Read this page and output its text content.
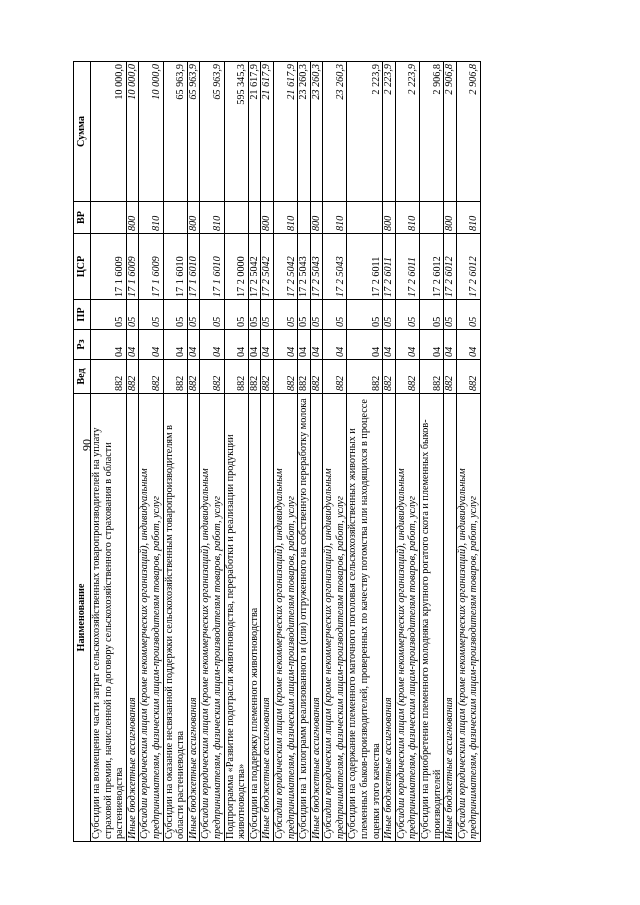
90
Наименование	Вед	Рз	ПР	ЦСР	ВР	Сумма
Субсидии на возмещение части затрат сельскохозяйственных товаропроизводителей на уплату страховой премии, начисленной по договору сельскохозяйственного страхования в области растениеводства	882	04	05	17 1 6009		10 000,0
Иные бюджетные ассигнования	882	04	05	17 1 6009	800	10 000,0
Субсидии юридическим лицам (кроме некоммерческих организаций), индивидуальным предпринимателям, физическим лицам-производителям товаров, работ, услуг	882	04	05	17 1 6009	810	10 000,0
Субсидии на оказание несвязанной поддержки сельскохозяйственным товаропроизводителям в области растениеводства	882	04	05	17 1 6010		65 963,9
Иные бюджетные ассигнования	882	04	05	17 1 6010	800	65 963,9
Субсидии юридическим лицам (кроме некоммерческих организаций), индивидуальным предпринимателям, физическим лицам-производителям товаров, работ, услуг	882	04	05	17 1 6010	810	65 963,9
Подпрограмма «Развитие подотрасли животноводства, переработки и реализации продукции животноводства»	882	04	05	17 2 0000		595 345,3
Субсидии на поддержку племенного животноводства	882	04	05	17 2 5042		21 617,9
Иные бюджетные ассигнования	882	04	05	17 2 5042	800	21 617,9
Субсидии юридическим лицам (кроме некоммерческих организаций), индивидуальным предпринимателям, физическим лицам-производителям товаров, работ, услуг	882	04	05	17 2 5042	810	21 617,9
Субсидии на 1 килограмм реализованного и (или) отгруженного на собственную переработку молока	882	04	05	17 2 5043		23 260,3
Иные бюджетные ассигнования	882	04	05	17 2 5043	800	23 260,3
Субсидии юридическим лицам (кроме некоммерческих организаций), индивидуальным предпринимателям, физическим лицам-производителям товаров, работ, услуг	882	04	05	17 2 5043	810	23 260,3
Субсидии на содержание племенного маточного поголовья сельскохозяйственных животных и племенных быков-производителей, проверенных по качеству потомства или находящихся в процессе оценки этого качества	882	04	05	17 2 6011		2 223,9
Иные бюджетные ассигнования	882	04	05	17 2 6011	800	2 223,9
Субсидии юридическим лицам (кроме некоммерческих организаций), индивидуальным предпринимателям, физическим лицам-производителям товаров, работ, услуг	882	04	05	17 2 6011	810	2 223,9
Субсидии на приобретение племенного молодняка крупного рогатого скота и племенных быков-производителей	882	04	05	17 2 6012		2 906,8
Иные бюджетные ассигнования	882	04	05	17 2 6012	800	2 906,8
Субсидии юридическим лицам (кроме некоммерческих организаций), индивидуальным предпринимателям, физическим лицам-производителям товаров, работ, услуг	882	04	05	17 2 6012	810	2 906,8
